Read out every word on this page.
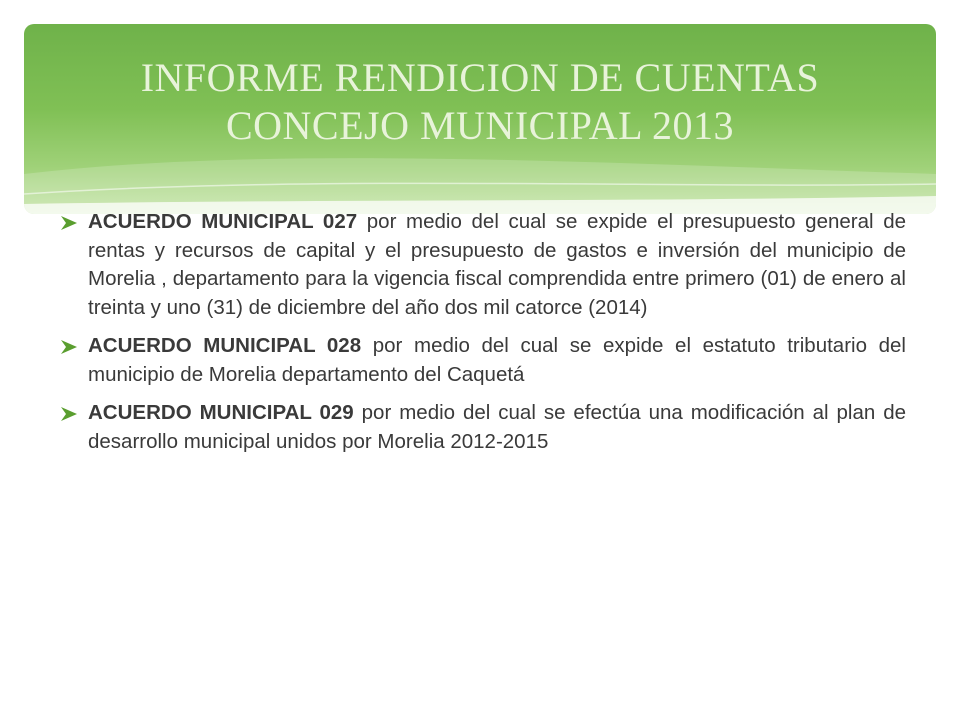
INFORME RENDICION DE CUENTAS
CONCEJO MUNICIPAL 2013
ACUERDO MUNICIPAL 027 por medio del cual se expide el presupuesto general de rentas y recursos de capital y el presupuesto de gastos e inversión del municipio de Morelia , departamento para la vigencia fiscal comprendida entre primero (01) de enero al treinta y uno (31) de diciembre del año dos mil catorce (2014)
ACUERDO MUNICIPAL 028 por medio del cual se expide el estatuto tributario del municipio de Morelia departamento del Caquetá
ACUERDO MUNICIPAL 029 por medio del cual se efectúa una modificación al plan de desarrollo municipal unidos por Morelia 2012-2015
